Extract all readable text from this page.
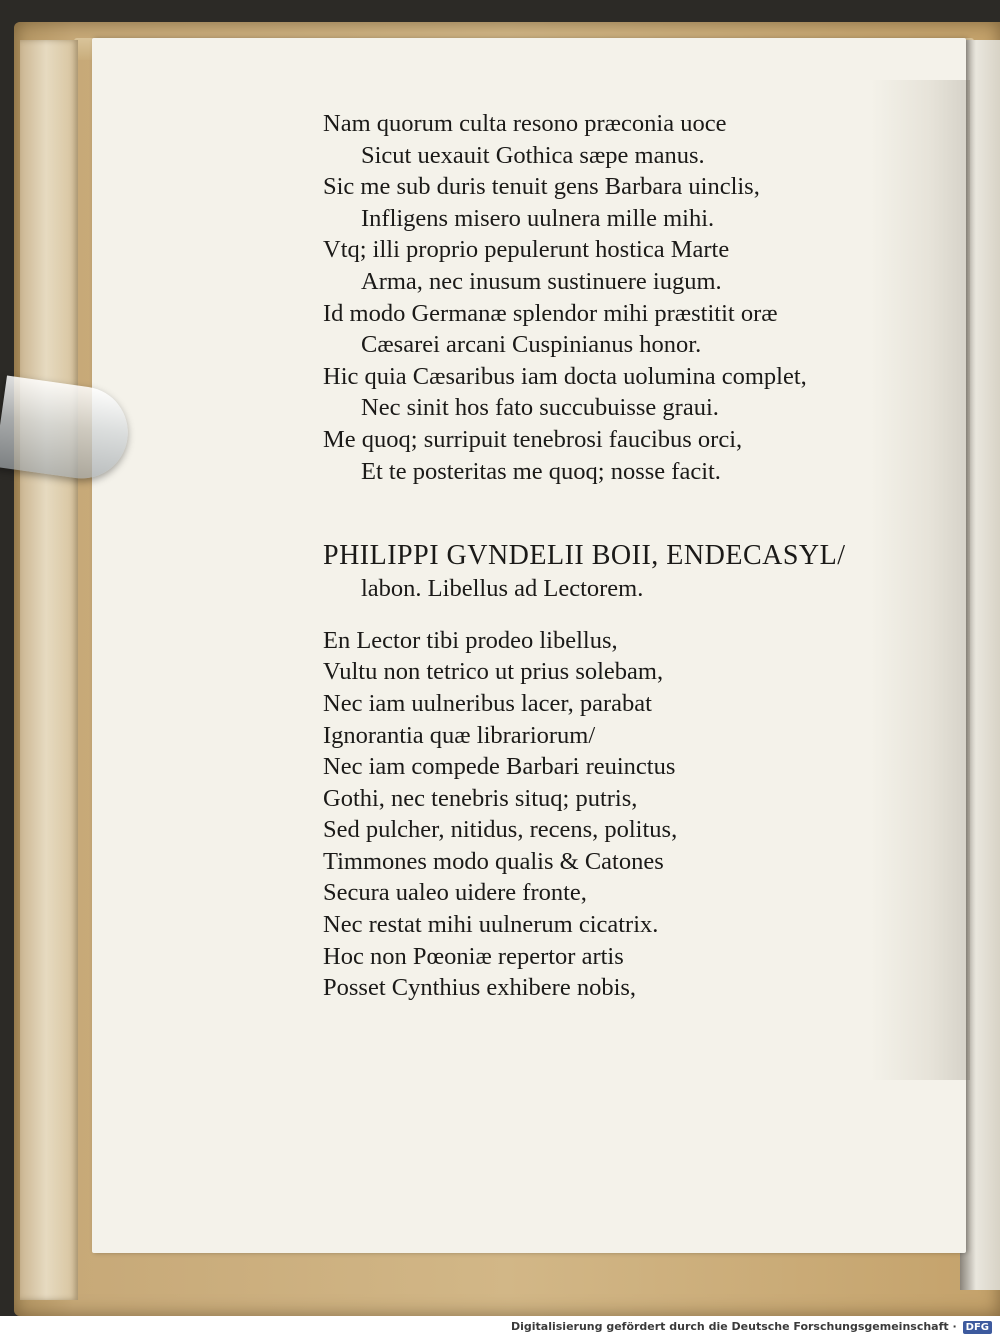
Nam quorum culta resono præconia uoce
Sicut uexauit Gothica sæpe manus.
Sic me sub duris tenuit gens Barbara uinclis,
Infligens misero uulnera mille mihi.
Vtq; illi proprio pepulerunt hostica Marte
Arma, nec inusum sustinuere iugum.
Id modo Germanæ splendor mihi præstitit oræ
Cæsarei arcani Cuspinianus honor.
Hic quia Cæsaribus iam docta uolumina complet,
Nec sinit hos fato succubuisse graui.
Me quoq; surripuit tenebrosi faucibus orci,
Et te posteritas me quoq; nosse facit.
PHILIPPI GVNDELII BOII, ENDECASYL/
labon. Libellus ad Lectorem.
En Lector tibi prodeo libellus,
Vultu non tetrico ut prius solebam,
Nec iam uulneribus lacer, parabat
Ignorantia quæ librariorum/
Nec iam compede Barbari reuinctus
Gothi, nec tenebris situq; putris,
Sed pulcher, nitidus, recens, politus,
Timmones modo qualis & Catones
Secura ualeo uidere fronte,
Nec restat mihi uulnerum cicatrix.
Hoc non Pœoniæ repertor artis
Posset Cynthius exhibere nobis,
Digitalisierung gefördert durch die Deutsche Forschungsgemeinschaft · DFG
